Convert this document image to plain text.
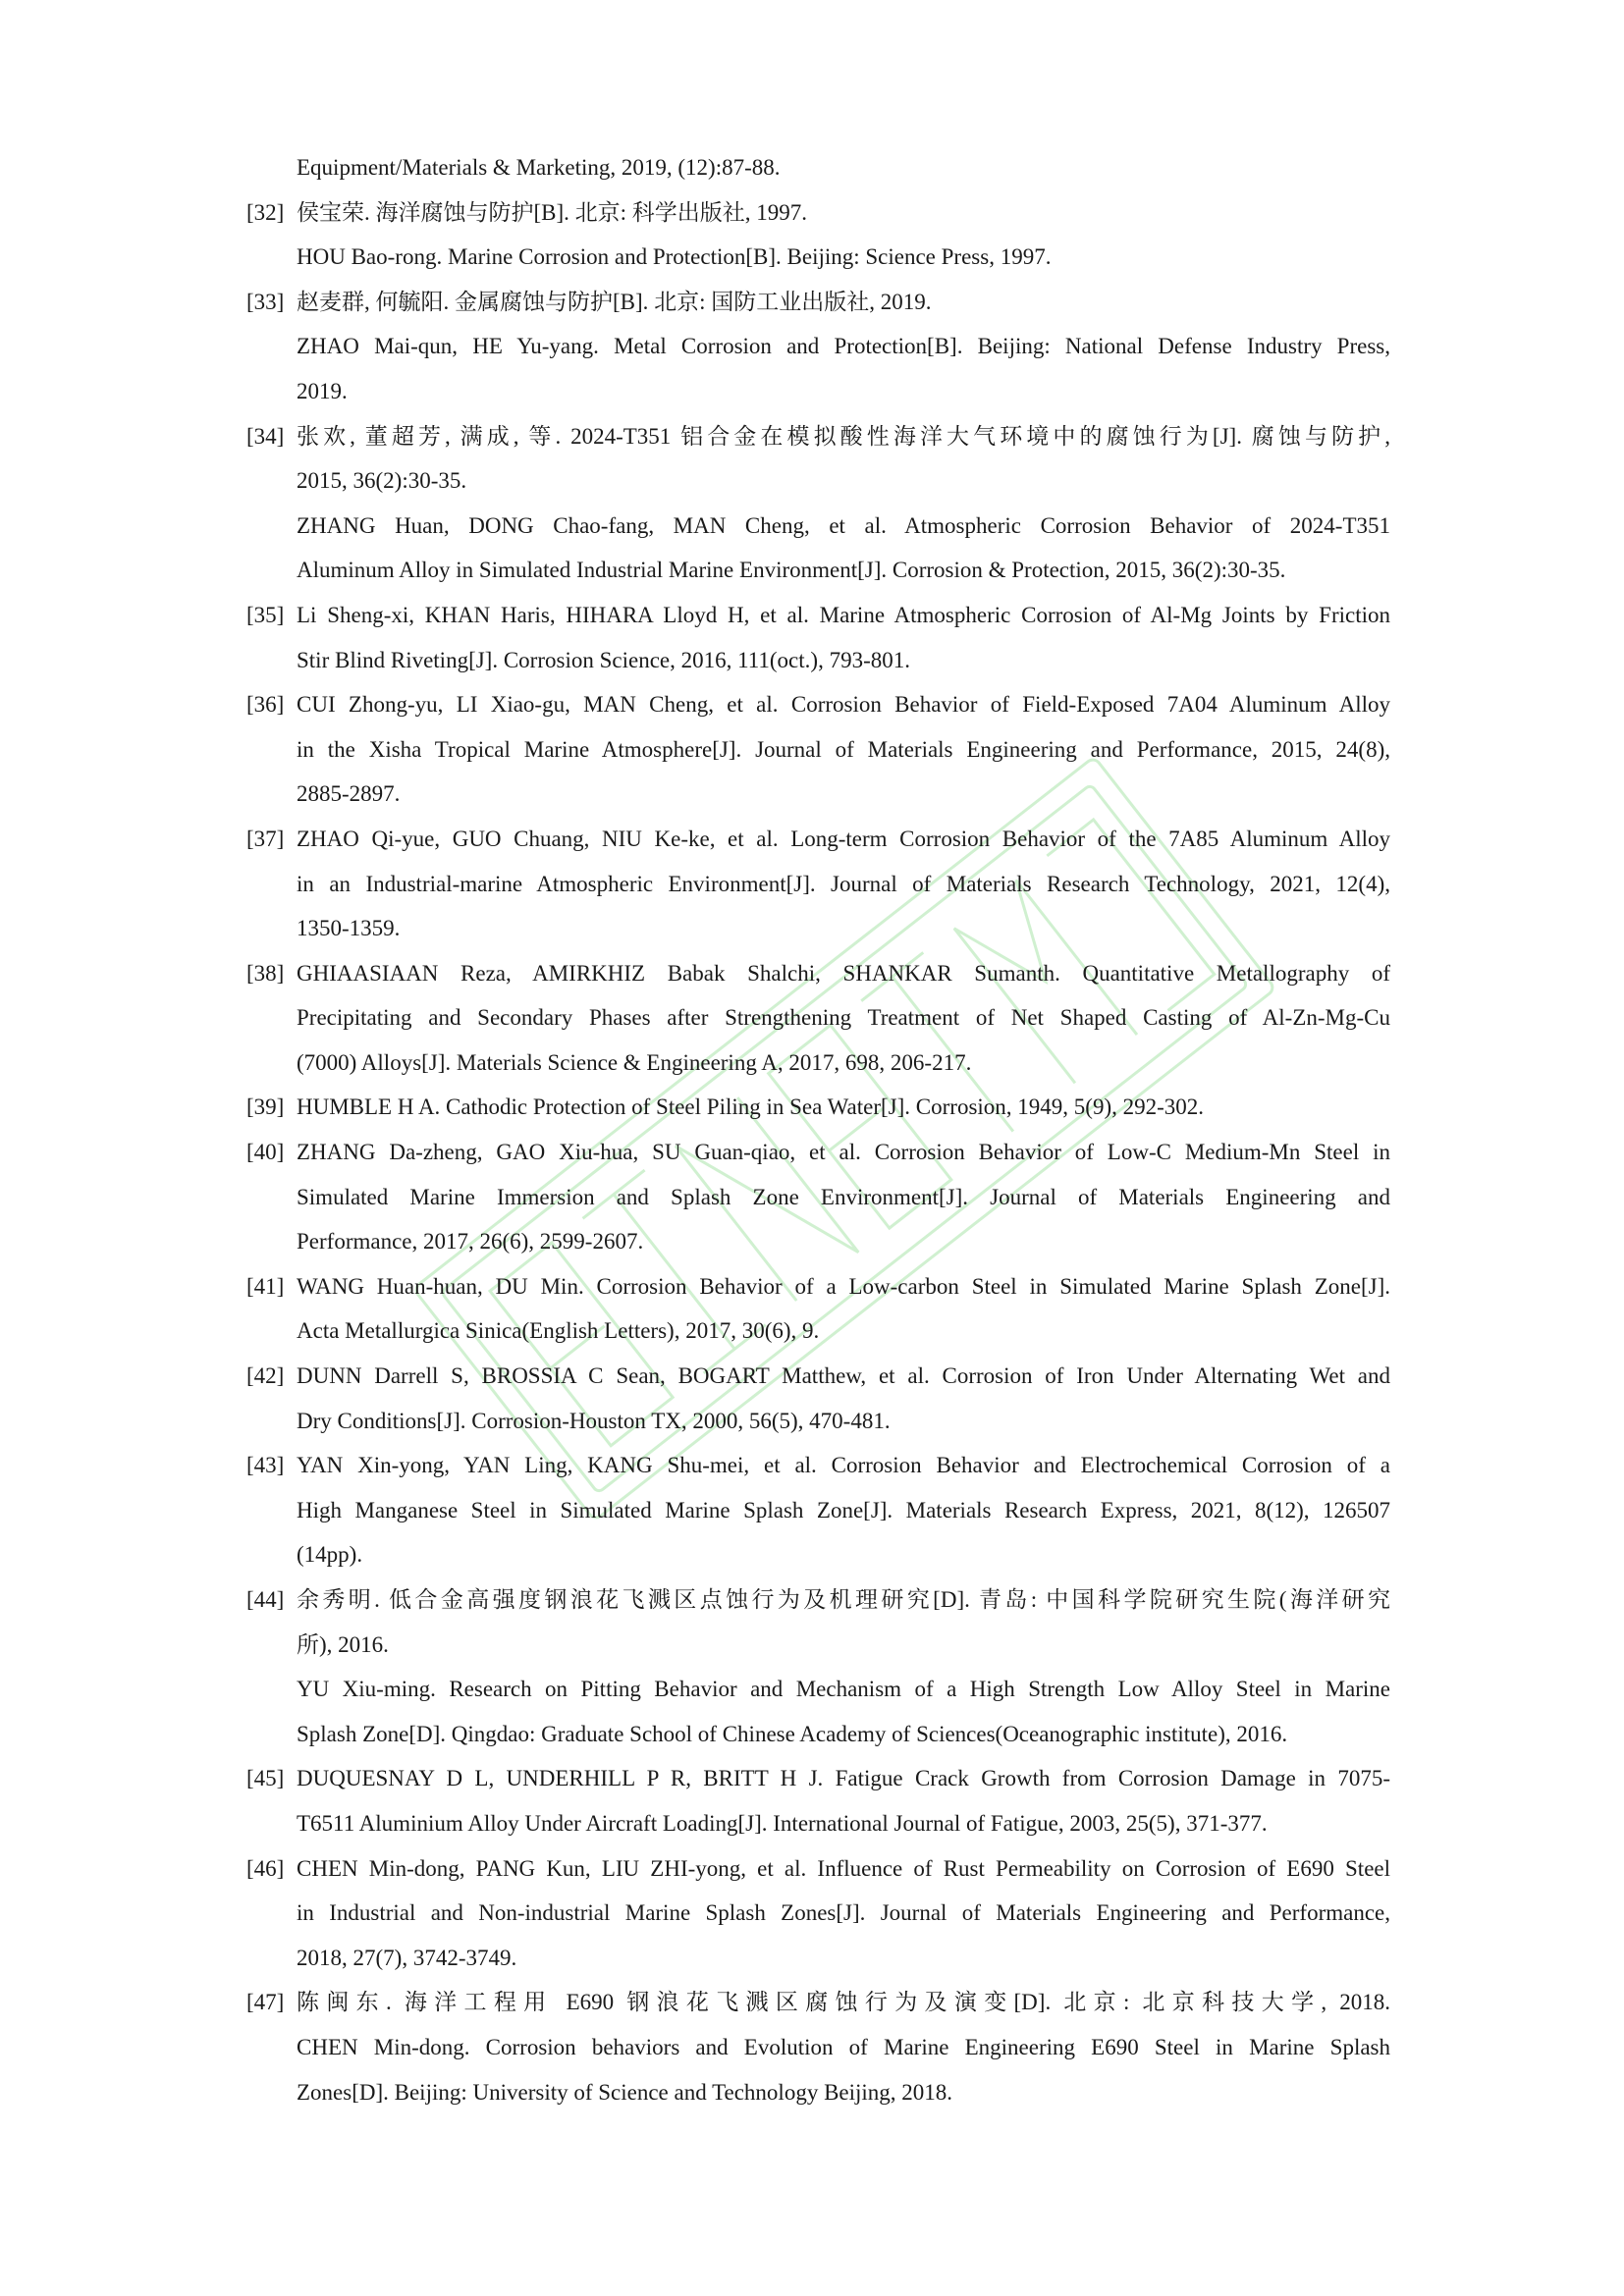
Equipment/Materials & Marketing, 2019, (12):87-88.
[32] 侯宝荣. 海洋腐蚀与防护[B]. 北京: 科学出版社, 1997.
HOU Bao-rong. Marine Corrosion and Protection[B]. Beijing: Science Press, 1997.
[33] 赵麦群, 何毓阳. 金属腐蚀与防护[B]. 北京: 国防工业出版社, 2019.
ZHAO Mai-qun, HE Yu-yang. Metal Corrosion and Protection[B]. Beijing: National Defense Industry Press,
2019.
[34] 张欢, 董超芳, 满成, 等. 2024-T351 铝合金在模拟酸性海洋大气环境中的腐蚀行为[J]. 腐蚀与防护,
2015, 36(2):30-35.
ZHANG Huan, DONG Chao-fang, MAN Cheng, et al. Atmospheric Corrosion Behavior of 2024-T351
Aluminum Alloy in Simulated Industrial Marine Environment[J]. Corrosion & Protection, 2015, 36(2):30-35.
[35] Li Sheng-xi, KHAN Haris, HIHARA Lloyd H, et al. Marine Atmospheric Corrosion of Al-Mg Joints by Friction
Stir Blind Riveting[J]. Corrosion Science, 2016, 111(oct.), 793-801.
[36] CUI Zhong-yu, LI Xiao-gu, MAN Cheng, et al. Corrosion Behavior of Field-Exposed 7A04 Aluminum Alloy
in the Xisha Tropical Marine Atmosphere[J]. Journal of Materials Engineering and Performance, 2015, 24(8),
2885-2897.
[37] ZHAO Qi-yue, GUO Chuang, NIU Ke-ke, et al. Long-term Corrosion Behavior of the 7A85 Aluminum Alloy
in an Industrial-marine Atmospheric Environment[J]. Journal of Materials Research Technology, 2021, 12(4),
1350-1359.
[38] GHIAASIAAN Reza, AMIRKHIZ Babak Shalchi, SHANKAR Sumanth. Quantitative Metallography of
Precipitating and Secondary Phases after Strengthening Treatment of Net Shaped Casting of Al-Zn-Mg-Cu
(7000) Alloys[J]. Materials Science & Engineering A, 2017, 698, 206-217.
[39] HUMBLE H A. Cathodic Protection of Steel Piling in Sea Water[J]. Corrosion, 1949, 5(9), 292-302.
[40] ZHANG Da-zheng, GAO Xiu-hua, SU Guan-qiao, et al. Corrosion Behavior of Low-C Medium-Mn Steel in
Simulated Marine Immersion and Splash Zone Environment[J]. Journal of Materials Engineering and
Performance, 2017, 26(6), 2599-2607.
[41] WANG Huan-huan, DU Min. Corrosion Behavior of a Low-carbon Steel in Simulated Marine Splash Zone[J].
Acta Metallurgica Sinica(English Letters), 2017, 30(6), 9.
[42] DUNN Darrell S, BROSSIA C Sean, BOGART Matthew, et al. Corrosion of Iron Under Alternating Wet and
Dry Conditions[J]. Corrosion-Houston TX, 2000, 56(5), 470-481.
[43] YAN Xin-yong, YAN Ling, KANG Shu-mei, et al. Corrosion Behavior and Electrochemical Corrosion of a
High Manganese Steel in Simulated Marine Splash Zone[J]. Materials Research Express, 2021, 8(12), 126507
(14pp).
[44] 余秀明. 低合金高强度钢浪花飞溅区点蚀行为及机理研究[D]. 青岛: 中国科学院研究生院(海洋研究
所), 2016.
YU Xiu-ming. Research on Pitting Behavior and Mechanism of a High Strength Low Alloy Steel in Marine
Splash Zone[D]. Qingdao: Graduate School of Chinese Academy of Sciences(Oceanographic institute), 2016.
[45] DUQUESNAY D L, UNDERHILL P R, BRITT H J. Fatigue Crack Growth from Corrosion Damage in 7075-
T6511 Aluminium Alloy Under Aircraft Loading[J]. International Journal of Fatigue, 2003, 25(5), 371-377.
[46] CHEN Min-dong, PANG Kun, LIU ZHI-yong, et al. Influence of Rust Permeability on Corrosion of E690 Steel
in Industrial and Non-industrial Marine Splash Zones[J]. Journal of Materials Engineering and Performance,
2018, 27(7), 3742-3749.
[47] 陈闽东. 海洋工程用 E690 钢浪花飞溅区腐蚀行为及演变[D]. 北京: 北京科技大学, 2018.
CHEN Min-dong. Corrosion behaviors and Evolution of Marine Engineering E690 Steel in Marine Splash
Zones[D]. Beijing: University of Science and Technology Beijing, 2018.
